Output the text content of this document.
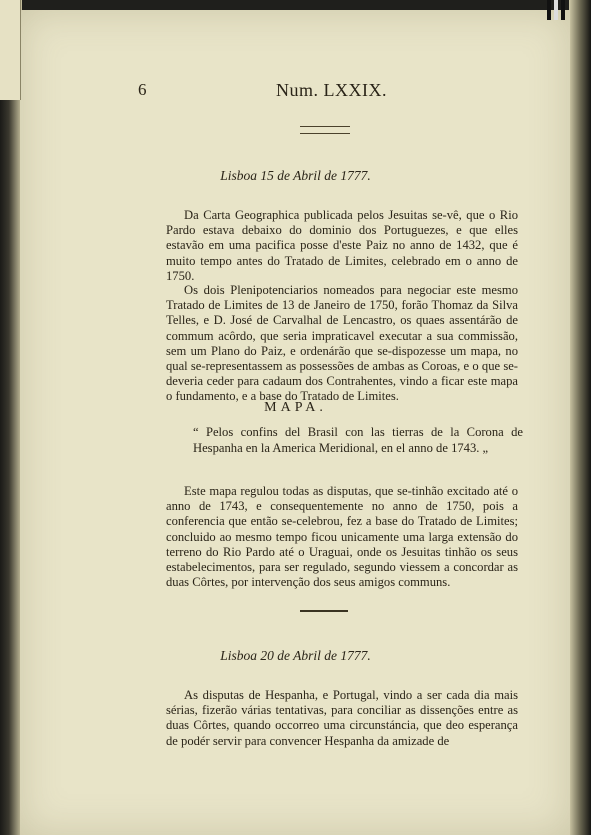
6	Num. LXXIX.
Lisboa 15 de Abril de 1777.

Da Carta Geographica publicada pelos Jesuitas se-vê, que o Rio Pardo estava debaixo do dominio dos Portuguezes, e que elles estavão em uma pacifica posse d'este Paiz no anno de 1432, que é muito tempo antes do Tratado de Limites, celebrado em o anno de 1750.

Os dois Plenipotenciarios nomeados para negociar este mesmo Tratado de Limites de 13 de Janeiro de 1750, forão Thomaz da Silva Telles, e D. José de Carvalhal de Lencastro, os quaes assentárão de commum acôrdo, que seria impraticavel executar a sua commissão, sem um Plano do Paiz, e ordenárão que se-dispozesse um mapa, no qual se-representassem as possessões de ambas as Coroas, e o que se-deveria ceder para cadaum dos Contrahentes, vindo a ficar este mapa o fundamento, e a base do Tratado de Limites.

MAPA.

“ Pelos confins del Brasil con las tierras de la Corona de Hespanha en la America Meridional, en el anno de 1743. „

Este mapa regulou todas as disputas, que se-tinhão excitado até o anno de 1743, e consequentemente no anno de 1750, pois a conferencia que então se-celebrou, fez a base do Tratado de Limites; concluido ao mesmo tempo ficou unicamente uma larga extensão do terreno do Rio Pardo até o Uraguai, onde os Jesuitas tinhão os seus estabelecimentos, para ser regulado, segundo viessem a concordar as duas Côrtes, por intervenção dos seus amigos communs.

Lisboa 20 de Abril de 1777.

As disputas de Hespanha, e Portugal, vindo a ser cada dia mais sérias, fizerão várias tentativas, para conciliar as dissenções entre as duas Côrtes, quando occorreo uma circunstáncia, que deo esperança de podér servir para convencer Hespanha da amizade de
